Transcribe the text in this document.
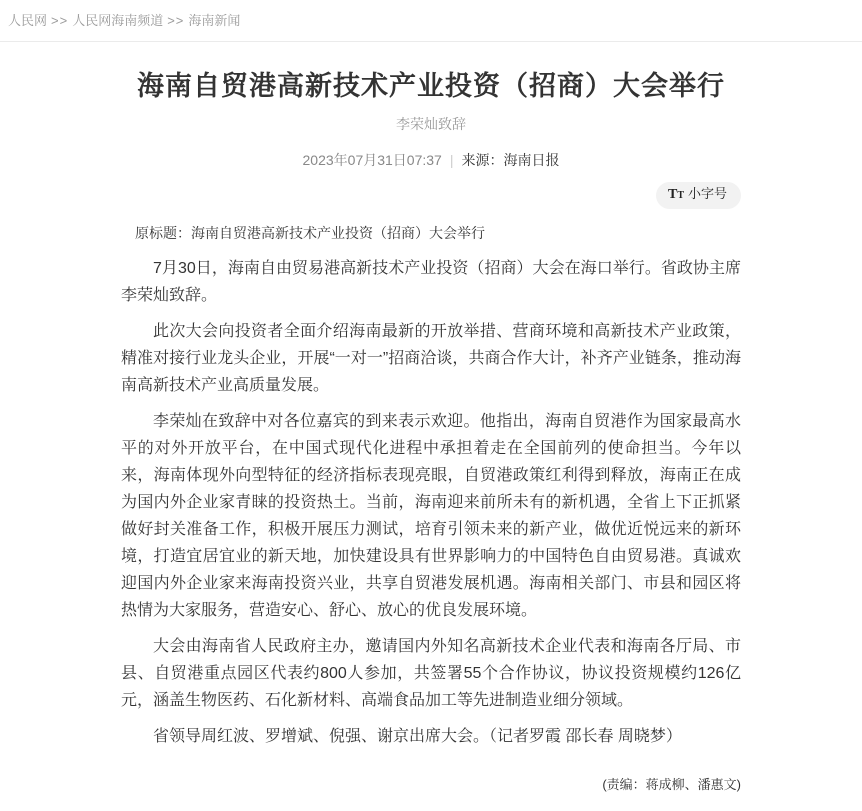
人民网 >> 人民网海南频道 >> 海南新闻
海南自贸港高新技术产业投资（招商）大会举行

李荣灿致辞

2023年07月31日07:37 | 来源：海南日报
TT 小字号

原标题：海南自贸港高新技术产业投资（招商）大会举行

7月30日，海南自由贸易港高新技术产业投资（招商）大会在海口举行。省政协主席李荣灿致辞。

此次大会向投资者全面介绍海南最新的开放举措、营商环境和高新技术产业政策，精准对接行业龙头企业，开展“一对一”招商洽谈，共商合作大计，补齐产业链条，推动海南高新技术产业高质量发展。

李荣灿在致辞中对各位嘉宾的到来表示欢迎。他指出，海南自贸港作为国家最高水平的对外开放平台，在中国式现代化进程中承担着走在全国前列的使命担当。今年以来，海南体现外向型特征的经济指标表现亮眼，自贸港政策红利得到释放，海南正在成为国内外企业家青睐的投资热土。当前，海南迎来前所未有的新机遇，全省上下正抓紧做好封关准备工作，积极开展压力测试，培育引领未来的新产业，做优近悦远来的新环境，打造宜居宜业的新天地，加快建设具有世界影响力的中国特色自由贸易港。真诚欢迎国内外企业家来海南投资兴业，共享自贸港发展机遇。海南相关部门、市县和园区将热情为大家服务，营造安心、舒心、放心的优良发展环境。

大会由海南省人民政府主办，邀请国内外知名高新技术企业代表和海南各厅局、市县、自贸港重点园区代表约800人参加，共签署55个合作协议，协议投资规模约126亿元，涵盖生物医药、石化新材料、高端食品加工等先进制造业细分领域。

省领导周红波、罗增斌、倪强、谢京出席大会。（记者罗霞 邵长春 周晓梦）

(责编：蒋成柳、潘惠文)
